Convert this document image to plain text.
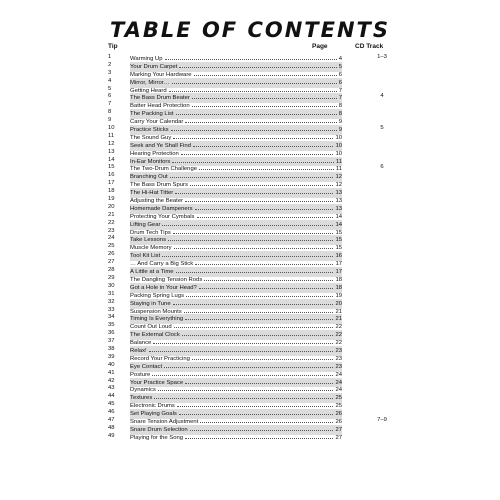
TABLE OF CONTENTS
Tip	Page	CD Track
1	Warming Up	4	1–3
2	Your Drum Carpet	5
3	Marking Your Hardware	6
4	Mirror, Mirror…	6
5	Getting Heard	7
6	The Bass Drum Beater	7	4
7	Batter Head Protection	8
8	The Packing List	8
9	Carry Your Calendar	9
10	Practice Sticks	9	5
11	The Sound Guy	10
12	Seek and Ye Shall Find	10
13	Hearing Protection	10
14	In-Ear Monitors	11
15	The Two-Drum Challenge	11	6
16	Branching Out	12
17	The Bass Drum Spurs	12
18	The Hi-Hat Titter	13
19	Adjusting the Beater	13
20	Homemade Dampeners	13
21	Protecting Your Cymbals	14
22	Lifting Gear	14
23	Drum Tech Tips	15
24	Take Lessons	15
25	Muscle Memory	15
26	Tool Kit List	16
27	… And Carry a Big Stick	17
28	A Little at a Time	17
29	The Dangling Tension Rods	18
30	Got a Hole in Your Head?	18
31	Packing Spring Lugs	19
32	Staying in Tune	20
33	Suspension Mounts	21
34	Timing Is Everything	21
35	Count Out Loud	22
36	The External Clock	22
37	Balance	22
38	Relax!	23
39	Record Your Practicing	23
40	Eye Contact	23
41	Posture	24
42	Your Practice Space	24
43	Dynamics	24
44	Textures	25
45	Electronic Drums	25
46	Set Playing Goals	26
47	Snare Tension Adjustment	26	7–9
48	Snare Drum Selection	27
49	Playing for the Song	27
